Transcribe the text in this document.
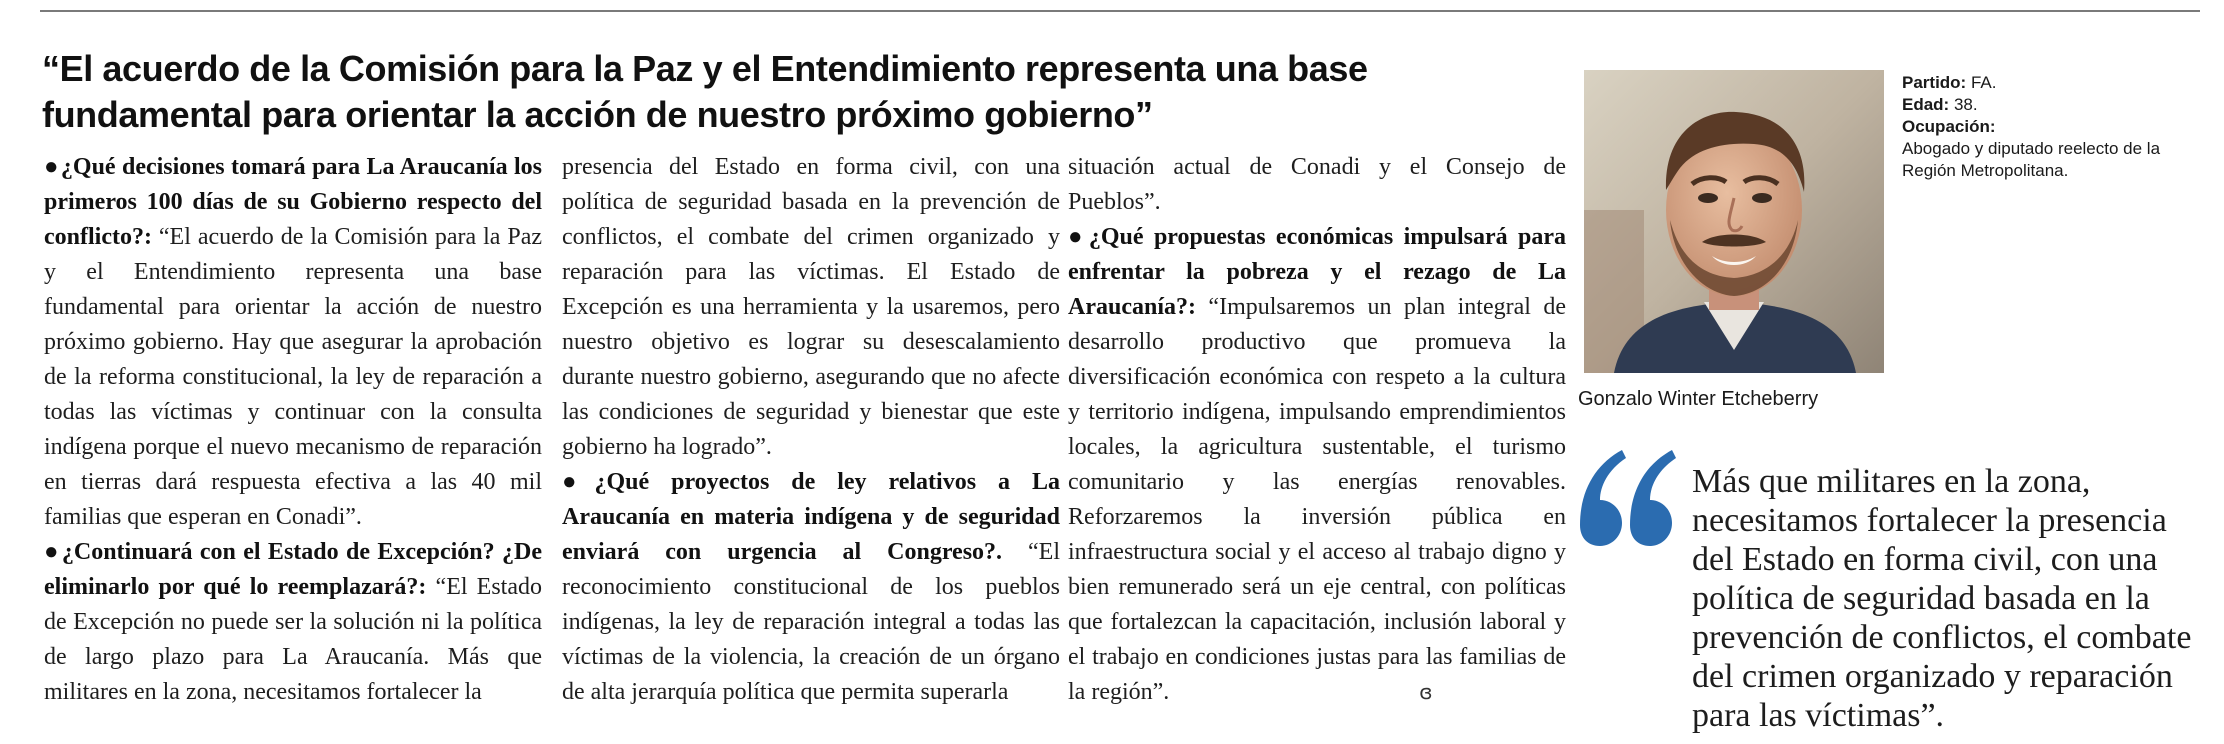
“El acuerdo de la Comisión para la Paz y el Entendimiento representa una base
fundamental para orientar la acción de nuestro próximo gobierno”

●¿Qué decisiones tomará para La Araucanía los primeros 100 días de su Gobierno respecto del conflicto?: “El acuerdo de la Comisión para la Paz y el Entendimiento representa una base fundamental para orientar la acción de nuestro próximo gobierno. Hay que asegurar la aprobación de la reforma constitucional, la ley de reparación a todas las víctimas y continuar con la consulta indígena porque el nuevo mecanismo de reparación en tierras dará respuesta efectiva a las 40 mil familias que esperan en Conadi”.

●¿Continuará con el Estado de Excepción? ¿De eliminarlo por qué lo reemplazará?: “El Estado de Excepción no puede ser la solución ni la política de largo plazo para La Araucanía. Más que militares en la zona, necesitamos fortalecer la

presencia del Estado en forma civil, con una política de seguridad basada en la prevención de conflictos, el combate del crimen organizado y reparación para las víctimas. El Estado de Excepción es una herramienta y la usaremos, pero nuestro objetivo es lograr su desescalamiento durante nuestro gobierno, asegurando que no afecte las condiciones de seguridad y bienestar que este gobierno ha logrado”.

●¿Qué proyectos de ley relativos a La Araucanía en materia indígena y de seguridad enviará con urgencia al Congreso?. “El reconocimiento constitucional de los pueblos indígenas, la ley de reparación integral a todas las víctimas de la violencia, la creación de un órgano de alta jerarquía política que permita superarla

situación actual de Conadi y el Consejo de Pueblos”.

●¿Qué propuestas económicas impulsará para enfrentar la pobreza y el rezago de La Araucanía?: “Impulsaremos un plan integral de desarrollo productivo que promueva la diversificación económica con respeto a la cultura y territorio indígena, impulsando emprendimientos locales, la agricultura sustentable, el turismo comunitario y las energías renovables. Reforzaremos la inversión pública en infraestructura social y el acceso al trabajo digno y bien remunerado será un eje central, con políticas que fortalezcan la capacitación, inclusión laboral y el trabajo en condiciones justas para las familias de la región”.	ɞ

Gonzalo Winter Etcheberry

Partido: FA.

Edad: 38.

Ocupación:

Abogado y diputado reelecto de la Región Metropolitana.

Más que militares en la zona, necesitamos fortalecer la presencia del Estado en forma civil, con una política de seguridad basada en la prevención de conflictos, el combate del crimen organizado y reparación para las víctimas”.
